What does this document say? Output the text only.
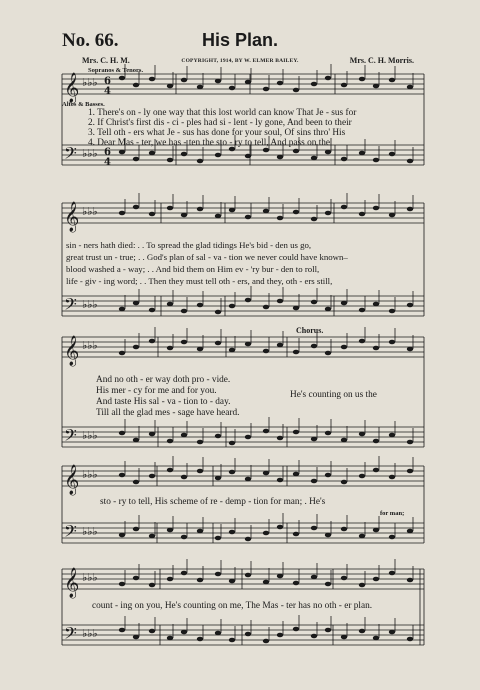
No. 66.	His Plan.
Mrs. C. H. M.	COPYRIGHT, 1914, BY W. ELMER BAILEY.	Mrs. C. H. Morris.
Sopranos & Tenors.
Altos & Basses.
𝄞
𝄢
𝄞
𝄢
𝄞
𝄢
𝄞
𝄢
𝄞
𝄢
♭♭♭
♭♭♭
♭♭♭
♭♭♭
♭♭♭
♭♭♭
♭♭♭
♭♭♭
♭♭♭
♭♭♭
6
4
6
4
1. There's on - ly one way that this lost world can know That Je - sus for
2. If Christ's first dis - ci - ples had si - lent - ly gone, And been to their
3. Tell oth - ers what Je - sus has done for your soul, Of sins thro' His
4. Dear Mas - ter, we has - ten the sto - ry to tell, And pass on the
sin - ners hath died: . . To spread the glad tidings He's bid - den us go,
great trust un - true; . . God's plan of sal - va - tion we never could have known–
blood washed a - way; . . And bid them on Him ev - 'ry bur - den to roll,
life - giv - ing word; . . Then they must tell oth - ers, and they, oth - ers still,
Chorus.
And no oth - er way doth pro - vide.
His mer - cy for me and for you.
And taste His sal - va - tion to - day.
Till all the glad mes - sage have heard.
He's counting on us the
sto - ry to tell, His scheme of re - demp - tion for man; . He's
for man;
count - ing on you, He's counting on me, The Mas - ter has no oth - er plan.
